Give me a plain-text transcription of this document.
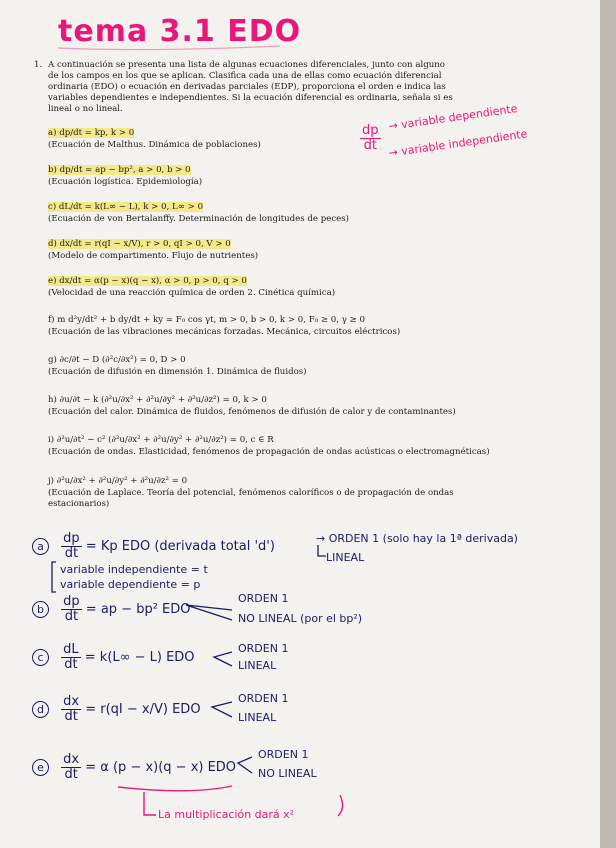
tema 3.1 EDO
1. A continuación se presenta una lista de algunas ecuaciones diferenciales, junto con alguno de los campos en los que se aplican. Clasifica cada una de ellas como ecuación diferencial ordinaria (EDO) o ecuación en derivadas parciales (EDP), proporciona el orden e indica las variables dependientes e independientes. Si la ecuación diferencial es ordinaria, señala si es lineal o no lineal.
a) dp/dt = kp, k > 0
(Ecuación de Malthus. Dinámica de poblaciones)
b) dp/dt = ap − bp², a > 0, b > 0
(Ecuación logística. Epidemiología)
c) dL/dt = k(L∞ − L), k > 0, L∞ > 0
(Ecuación de von Bertalanffy. Determinación de longitudes de peces)
d) dx/dt = r(qI − x/V), r > 0, qI > 0, V > 0
(Modelo de compartimento. Flujo de nutrientes)
e) dx/dt = α(p − x)(q − x), α > 0, p > 0, q > 0
(Velocidad de una reacción química de orden 2. Cinética química)
f) m d²y/dt² + b dy/dt + ky = F₀ cos γt, m > 0, b > 0, k > 0, F₀ ≥ 0, γ ≥ 0
(Ecuación de las vibraciones mecánicas forzadas. Mecánica, circuitos eléctricos)
g) ∂c/∂t − D (∂²c/∂x²) = 0, D > 0
(Ecuación de difusión en dimensión 1. Dinámica de fluidos)
h) ∂u/∂t − k (∂²u/∂x² + ∂²u/∂y² + ∂²u/∂z²) = 0, k > 0
(Ecuación del calor. Dinámica de fluidos, fenómenos de difusión de calor y de contaminantes)
i) ∂²u/∂t² − c² (∂²u/∂x² + ∂²u/∂y² + ∂²u/∂z²) = 0, c ∈ R
(Ecuación de ondas. Elasticidad, fenómenos de propagación de ondas acústicas o electromagnéticas)
j) ∂²u/∂x² + ∂²u/∂y² + ∂²u/∂z² = 0
(Ecuación de Laplace. Teoría del potencial, fenómenos caloríficos o de propagación de ondas estacionarios)
$\frac{dp}{dt}$
→ variable dependiente
→ variable independiente
a $\frac{dp}{dt} = Kp$ EDO (derivada total 'd')
→ ORDEN 1 (solo hay la 1ª derivada)
LINEAL
variable independiente = t
variable dependiente = p
b $\frac{dp}{dt}$ = ap − bp² EDO
ORDEN 1
NO LINEAL (por el bp²)
c $\frac{dL}{dt} = k(L\infty - L)$ EDO
ORDEN 1
LINEAL
d $\frac{dx}{dt} = r(qI - x/V)$ EDO
ORDEN 1
LINEAL
e $\frac{dx}{dt} = \alpha$ (p − x)(q − x) EDO
ORDEN 1
NO LINEAL
La multiplicación dará x²
